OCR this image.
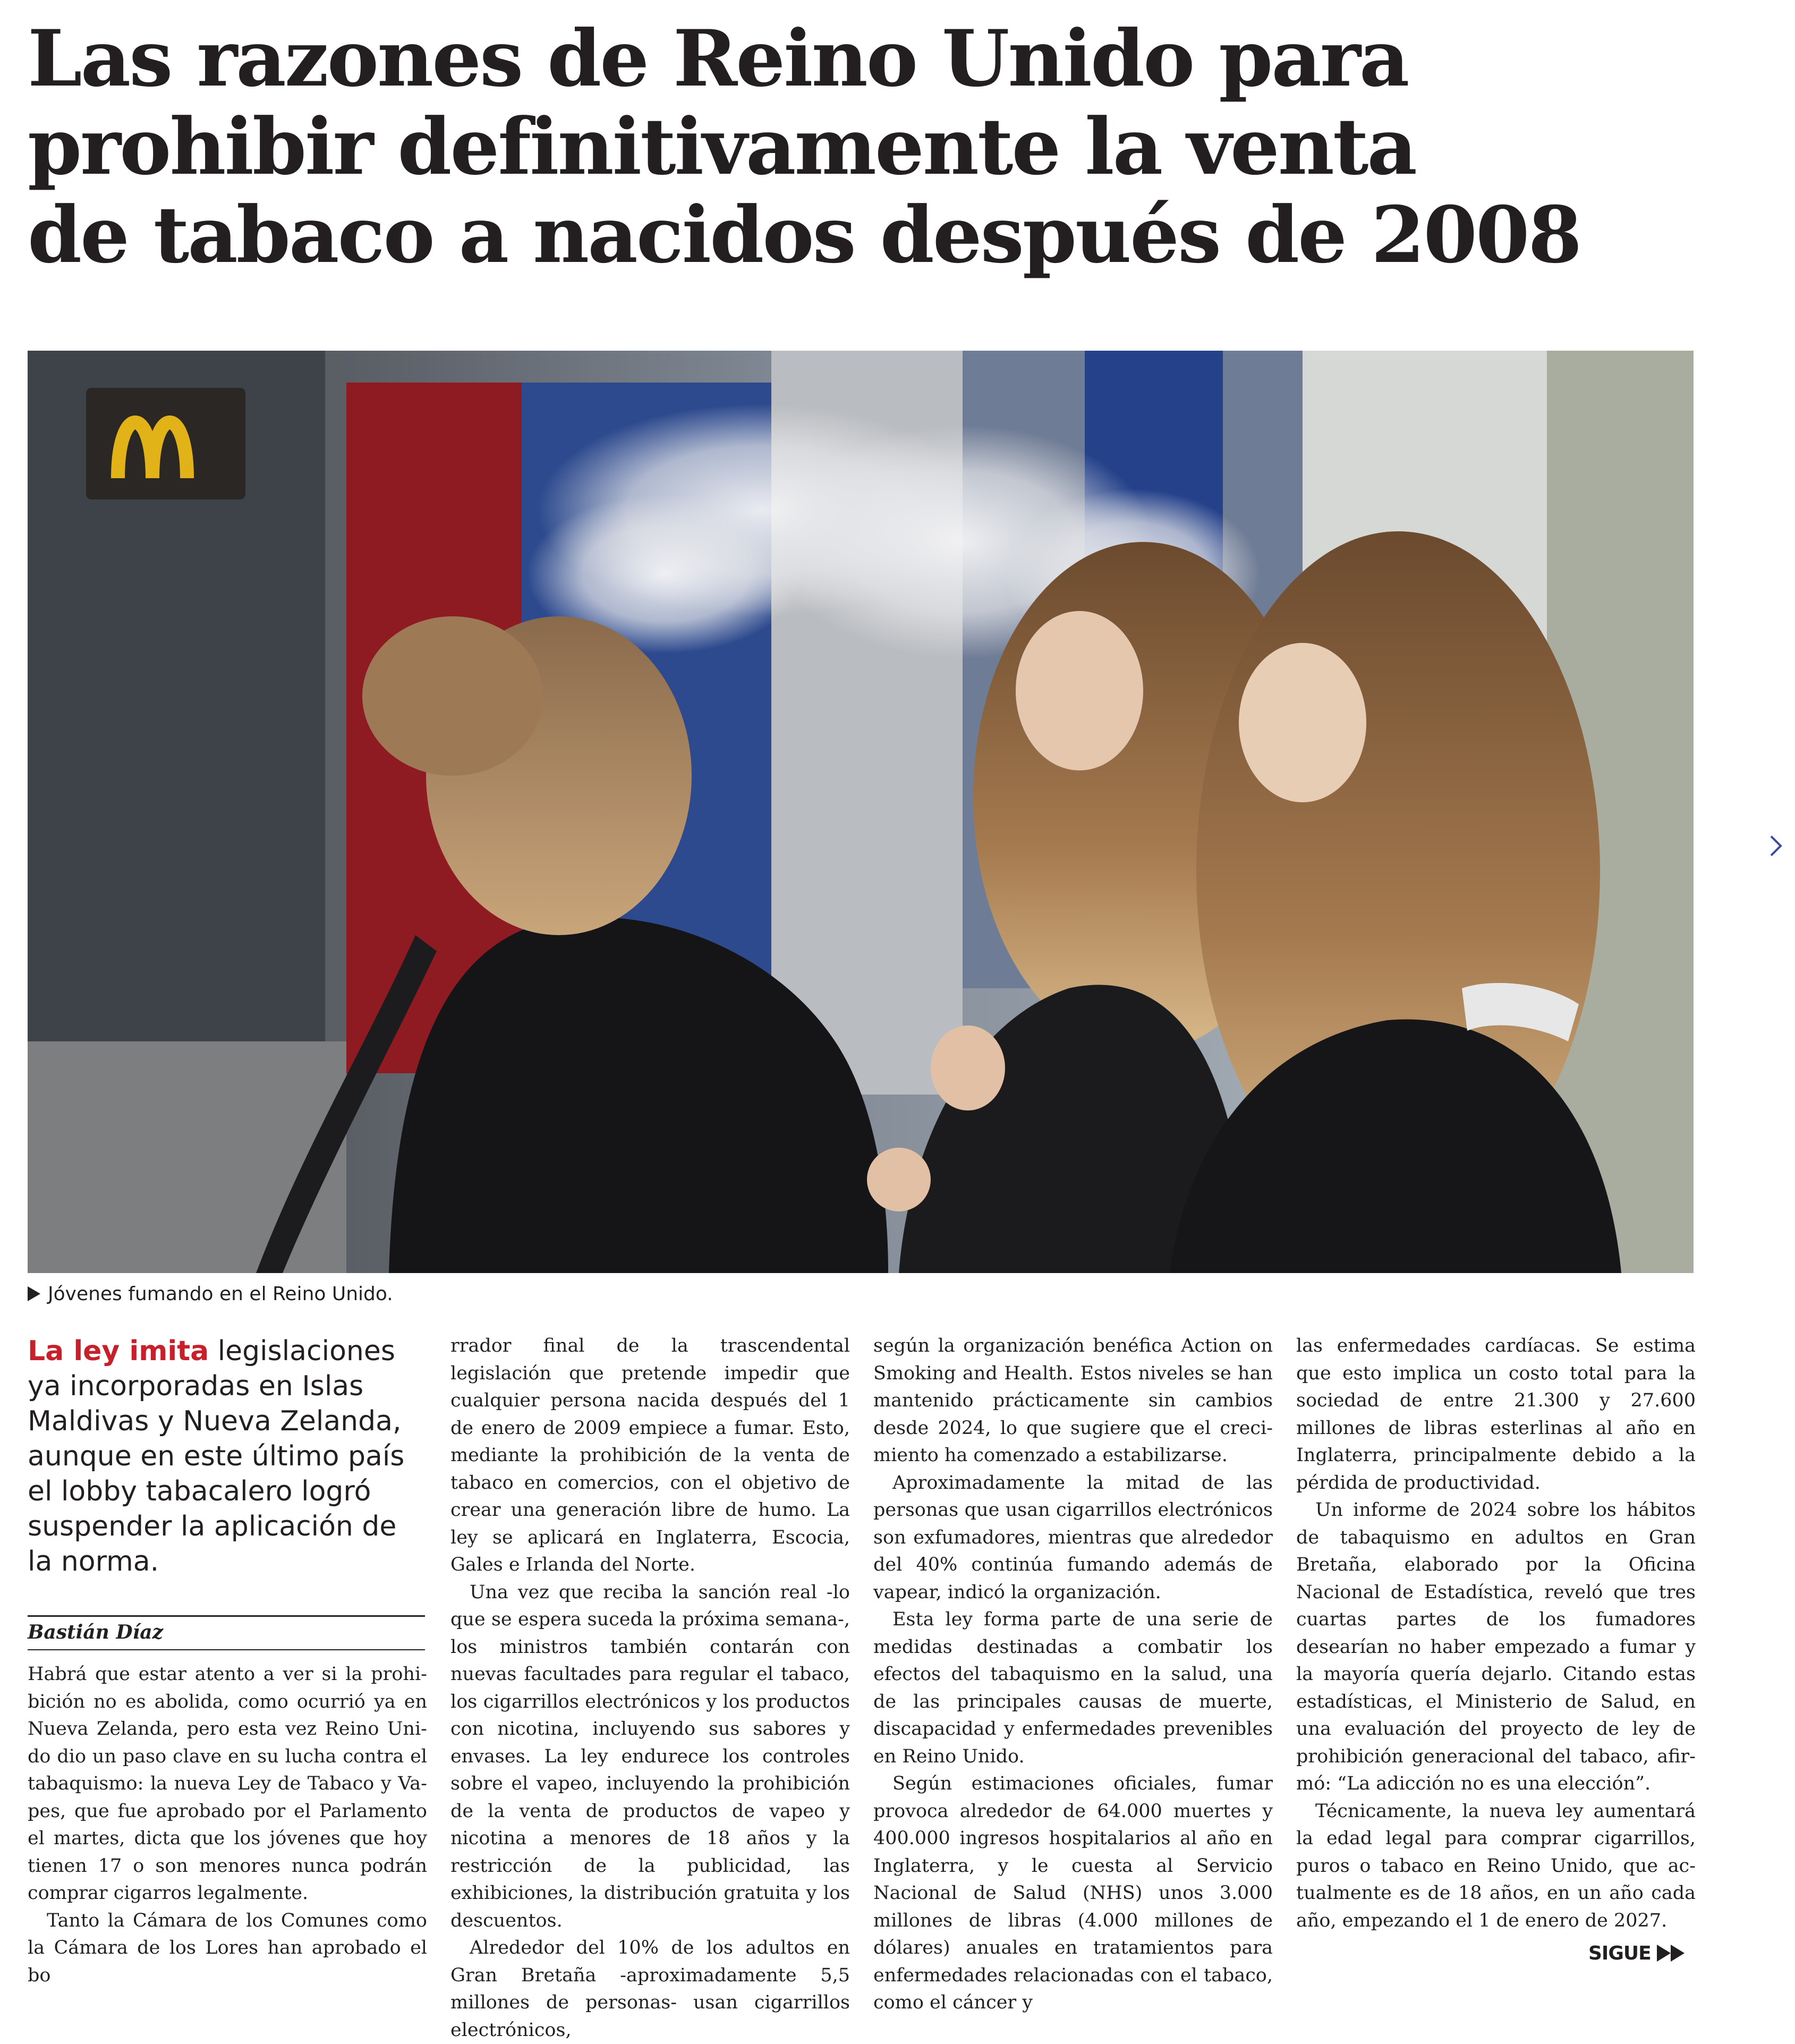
Las razones de Reino Unido para
prohibir definitivamente la venta
de tabaco a nacidos después de 2008
Jóvenes fumando en el Reino Unido.
La ley imita legislaciones ya incorporadas en Islas Maldivas y Nueva Zelanda, aunque en este último país el lobby tabacalero logró suspender la aplicación de la norma.
Bastián Díaz

Habrá que estar atento a ver si la prohibición no es abolida, como ocurrió ya en Nueva Zelanda, pero esta vez Reino Unido dio un paso clave en su lucha contra el tabaquismo: la nueva Ley de Tabaco y Vapes, que fue aprobado por el Parlamento el martes, dicta que los jóvenes que hoy tienen 17 o son menores nunca podrán comprar cigarros legalmente.

Tanto la Cámara de los Comunes como la Cámara de los Lores han aprobado el bo

rrador final de la trascendental legislación que pretende impedir que cualquier persona nacida después del 1 de enero de 2009 empiece a fumar. Esto, mediante la prohibición de la venta de tabaco en comercios, con el objetivo de crear una generación libre de humo. La ley se aplicará en Inglaterra, Escocia, Gales e Irlanda del Norte.

Una vez que reciba la sanción real -lo que se espera suceda la próxima semana-, los ministros también contarán con nuevas facultades para regular el tabaco, los cigarrillos electrónicos y los productos con nicotina, incluyendo sus sabores y envases. La ley endurece los controles sobre el vapeo, incluyendo la prohibición de la venta de productos de vapeo y nicotina a menores de 18 años y la restricción de la publicidad, las exhibiciones, la distribución gratuita y los descuentos.

Alrededor del 10% de los adultos en Gran Bretaña -aproximadamente 5,5 millones de personas- usan cigarrillos electrónicos,

según la organización benéfica Action on Smoking and Health. Estos niveles se han mantenido prácticamente sin cambios desde 2024, lo que sugiere que el crecimiento ha comenzado a estabilizarse.

Aproximadamente la mitad de las personas que usan cigarrillos electrónicos son exfumadores, mientras que alrededor del 40% continúa fumando además de vapear, indicó la organización.

Esta ley forma parte de una serie de medidas destinadas a combatir los efectos del tabaquismo en la salud, una de las principales causas de muerte, discapacidad y enfermedades prevenibles en Reino Unido.

Según estimaciones oficiales, fumar provoca alrededor de 64.000 muertes y 400.000 ingresos hospitalarios al año en Inglaterra, y le cuesta al Servicio Nacional de Salud (NHS) unos 3.000 millones de libras (4.000 millones de dólares) anuales en tratamientos para enfermedades relacionadas con el tabaco, como el cáncer y

las enfermedades cardíacas. Se estima que esto implica un costo total para la sociedad de entre 21.300 y 27.600 millones de libras esterlinas al año en Inglaterra, principalmente debido a la pérdida de productividad.

Un informe de 2024 sobre los hábitos de tabaquismo en adultos en Gran Bretaña, elaborado por la Oficina Nacional de Estadística, reveló que tres cuartas partes de los fumadores desearían no haber empezado a fumar y la mayoría quería dejarlo. Citando estas estadísticas, el Ministerio de Salud, en una evaluación del proyecto de ley de prohibición generacional del tabaco, afirmó: “La adicción no es una elección”.

Técnicamente, la nueva ley aumentará la edad legal para comprar cigarrillos, puros o tabaco en Reino Unido, que actualmente es de 18 años, en un año cada año, empezando el 1 de enero de 2027.

SIGUE
